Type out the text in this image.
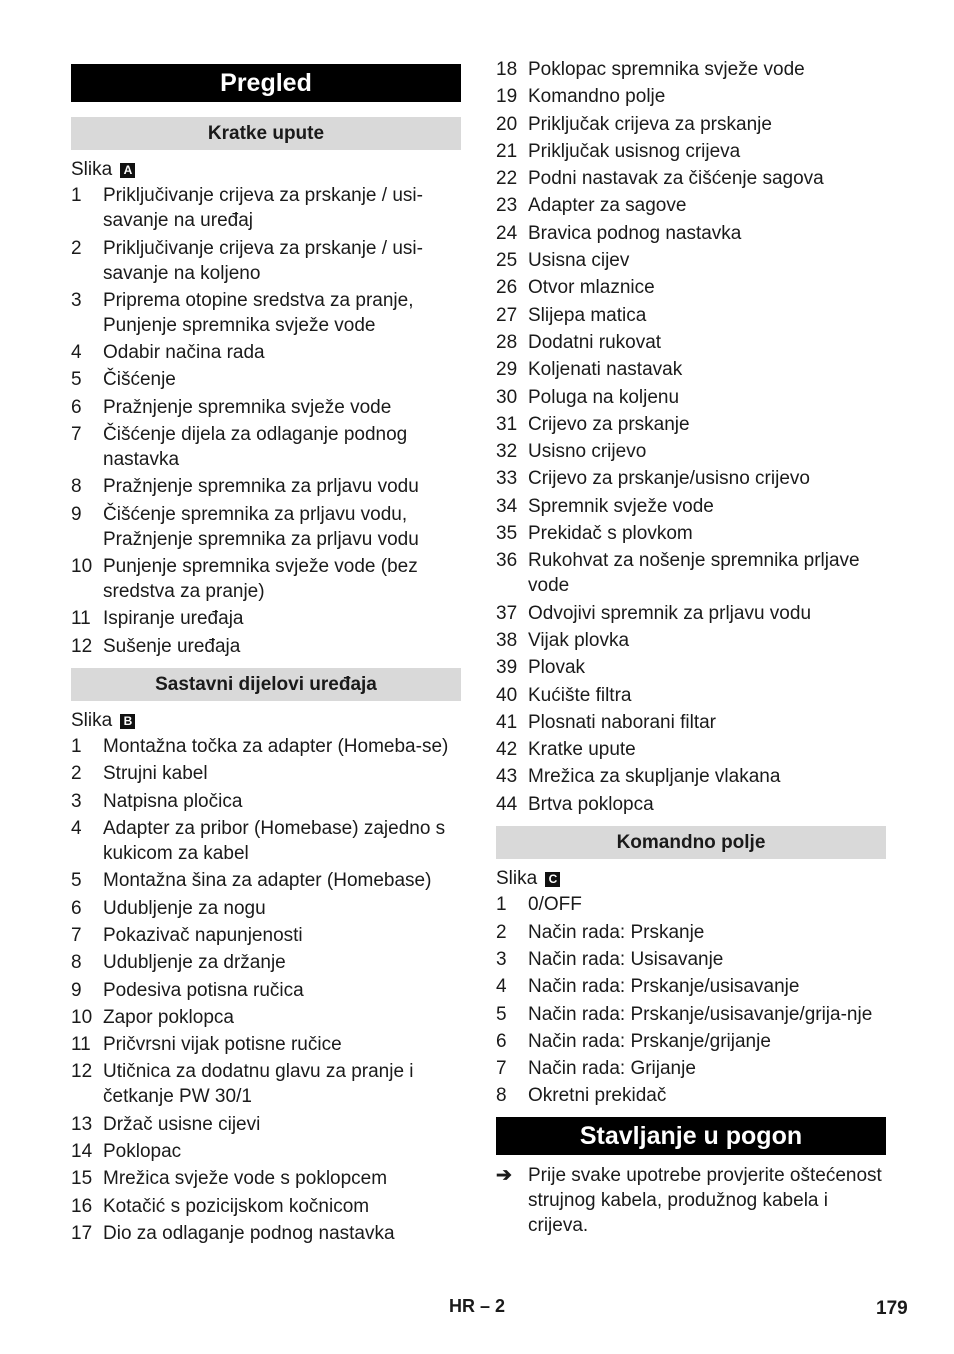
Pregled
Kratke upute
Slika A
1	Priključivanje crijeva za prskanje / usi-savanje na uređaj
2	Priključivanje crijeva za prskanje / usi-savanje na koljeno
3	Priprema otopine sredstva za pranje, Punjenje spremnika svježe vode
4	Odabir načina rada
5	Čišćenje
6	Pražnjenje spremnika svježe vode
7	Čišćenje dijela za odlaganje podnog nastavka
8	Pražnjenje spremnika za prljavu vodu
9	Čišćenje spremnika za prljavu vodu, Pražnjenje spremnika za prljavu vodu
10 Punjenje spremnika svježe vode (bez sredstva za pranje)
11 Ispiranje uređaja
12 Sušenje uređaja
Sastavni dijelovi uređaja
Slika B
1	Montažna točka za adapter (Homeba-se)
2	Strujni kabel
3	Natpisna pločica
4	Adapter za pribor (Homebase) zajedno s kukicom za kabel
5	Montažna šina za adapter (Homebase)
6	Udubljenje za nogu
7	Pokazivač napunjenosti
8	Udubljenje za držanje
9	Podesiva potisna ručica
10 Zapor poklopca
11 Pričvrsni vijak potisne ručice
12 Utičnica za dodatnu glavu za pranje i četkanje PW 30/1
13 Držač usisne cijevi
14 Poklopac
15 Mrežica svježe vode s poklopcem
16 Kotačić s pozicijskom kočnicom
17 Dio za odlaganje podnog nastavka
18 Poklopac spremnika svježe vode
19 Komandno polje
20 Priključak crijeva za prskanje
21 Priključak usisnog crijeva
22 Podni nastavak za čišćenje sagova
23 Adapter za sagove
24 Bravica podnog nastavka
25 Usisna cijev
26 Otvor mlaznice
27 Slijepa matica
28 Dodatni rukovat
29 Koljenati nastavak
30 Poluga na koljenu
31 Crijevo za prskanje
32 Usisno crijevo
33 Crijevo za prskanje/usisno crijevo
34 Spremnik svježe vode
35 Prekidač s plovkom
36 Rukohvat za nošenje spremnika prljave vode
37 Odvojivi spremnik za prljavu vodu
38 Vijak plovka
39 Plovak
40 Kućište filtra
41 Plosnati naborani filtar
42 Kratke upute
43 Mrežica za skupljanje vlakana
44 Brtva poklopca
Komandno polje
Slika C
1	0/OFF
2	Način rada: Prskanje
3	Način rada: Usisavanje
4	Način rada: Prskanje/usisavanje
5	Način rada: Prskanje/usisavanje/grija-nje
6	Način rada: Prskanje/grijanje
7	Način rada: Grijanje
8	Okretni prekidač
Stavljanje u pogon
➔ Prije svake upotrebe provjerite oštećenost strujnog kabela, produžnog kabela i crijeva.
HR – 2	179
